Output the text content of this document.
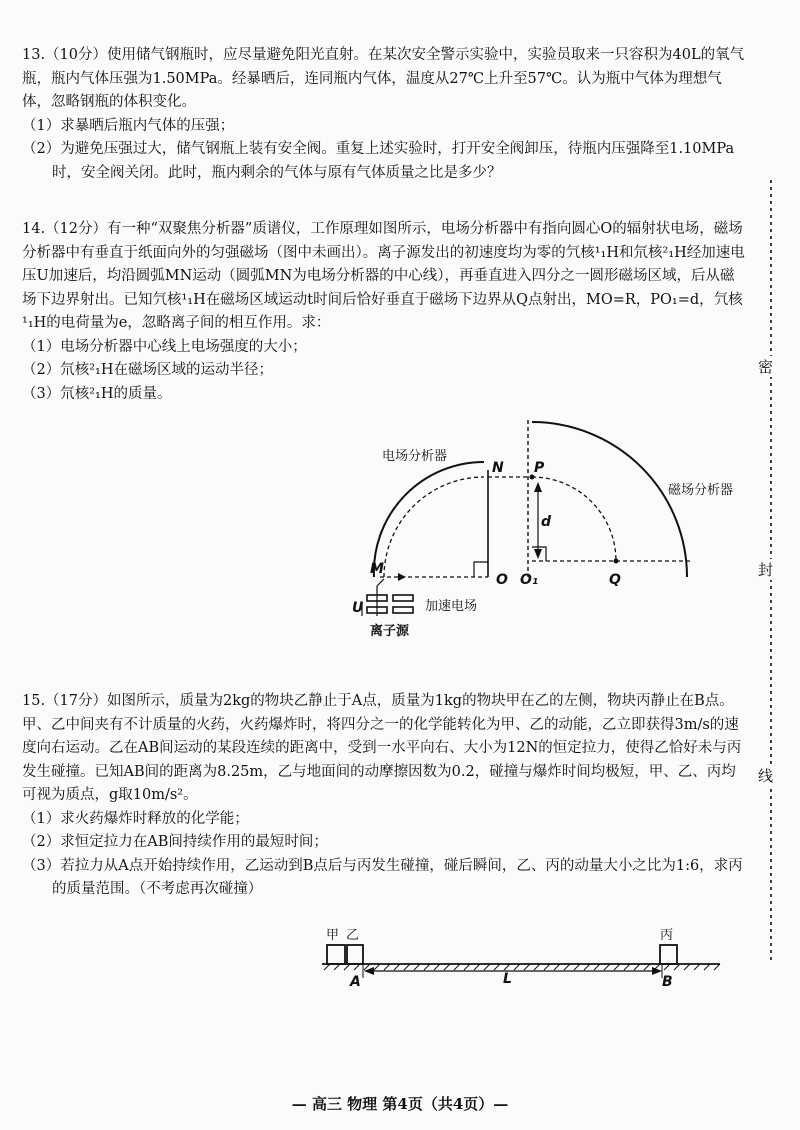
13.（10分）使用储气钢瓶时，应尽量避免阳光直射。在某次安全警示实验中，实验员取来一只容积为40L的氧气瓶，瓶内气体压强为1.50MPa。经暴晒后，连同瓶内气体，温度从27℃上升至57℃。认为瓶中气体为理想气体，忽略钢瓶的体积变化。

（1）求暴晒后瓶内气体的压强；

（2）为避免压强过大，储气钢瓶上装有安全阀。重复上述实验时，打开安全阀卸压，待瓶内压强降至1.10MPa时，安全阀关闭。此时，瓶内剩余的气体与原有气体质量之比是多少？

14.（12分）有一种“双聚焦分析器”质谱仪，工作原理如图所示，电场分析器中有指向圆心O的辐射状电场，磁场分析器中有垂直于纸面向外的匀强磁场（图中未画出）。离子源发出的初速度均为零的氕核¹₁H和氘核²₁H经加速电压U加速后，均沿圆弧MN运动（圆弧MN为电场分析器的中心线），再垂直进入四分之一圆形磁场区域，后从磁场下边界射出。已知氕核¹₁H在磁场区域运动t时间后恰好垂直于磁场下边界从Q点射出，MO=R，PO₁=d，氕核¹₁H的电荷量为e，忽略离子间的相互作用。求：

（1）电场分析器中心线上电场强度的大小；

（2）氘核²₁H在磁场区域的运动半径；

（3）氘核²₁H的质量。

电场分析器
磁场分析器
N P
d
O O₁	Q
M
U	加速电场
离子源

15.（17分）如图所示，质量为2kg的物块乙静止于A点，质量为1kg的物块甲在乙的左侧，物块丙静止在B点。甲、乙中间夹有不计质量的火药，火药爆炸时，将四分之一的化学能转化为甲、乙的动能，乙立即获得3m/s的速度向右运动。乙在AB间运动的某段连续的距离中，受到一水平向右、大小为12N的恒定拉力，使得乙恰好未与丙发生碰撞。已知AB间的距离为8.25m，乙与地面间的动摩擦因数为0.2，碰撞与爆炸时间均极短，甲、乙、丙均可视为质点，g取10m/s²。

（1）求火药爆炸时释放的化学能；

（2）求恒定拉力在AB间持续作用的最短时间；

（3）若拉力从A点开始持续作用，乙运动到B点后与丙发生碰撞，碰后瞬间，乙、丙的动量大小之比为1:6，求丙的质量范围。（不考虑再次碰撞）

甲 乙	丙
A	L	B
密
封
线
— 高三 物理 第4页（共4页）—
